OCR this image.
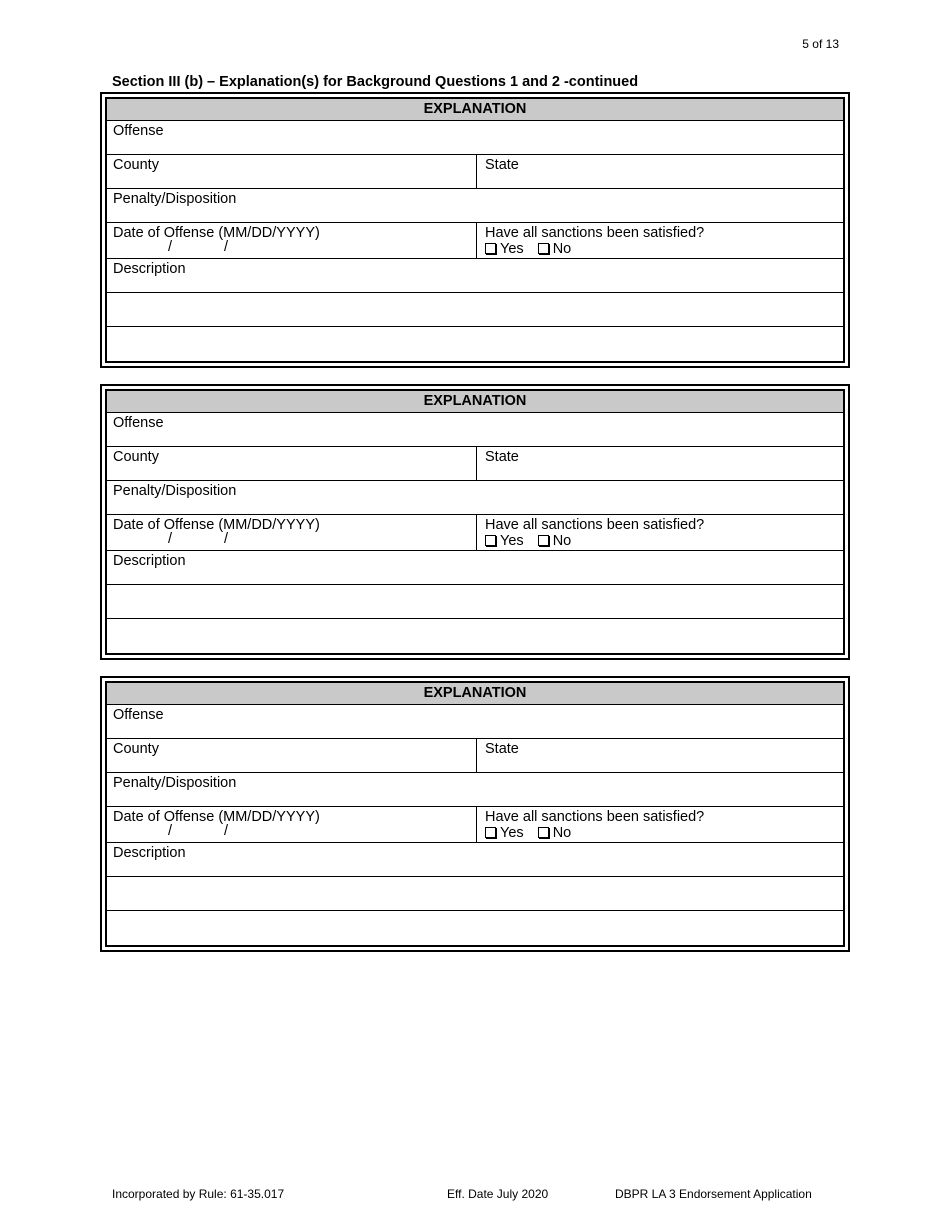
5 of 13
Section III (b) – Explanation(s) for Background Questions 1 and 2 -continued
EXPLANATION
Offense
County	State
Penalty/Disposition
Date of Offense (MM/DD/YYYY)
/ /
Have all sanctions been satisfied?
Yes No
Description
EXPLANATION
Offense
County	State
Penalty/Disposition
Date of Offense (MM/DD/YYYY)
/ /
Have all sanctions been satisfied?
Yes No
Description
EXPLANATION
Offense
County	State
Penalty/Disposition
Date of Offense (MM/DD/YYYY)
/ /
Have all sanctions been satisfied?
Yes No
Description
Incorporated by Rule: 61-35.017	Eff. Date July 2020	DBPR LA 3 Endorsement Application
